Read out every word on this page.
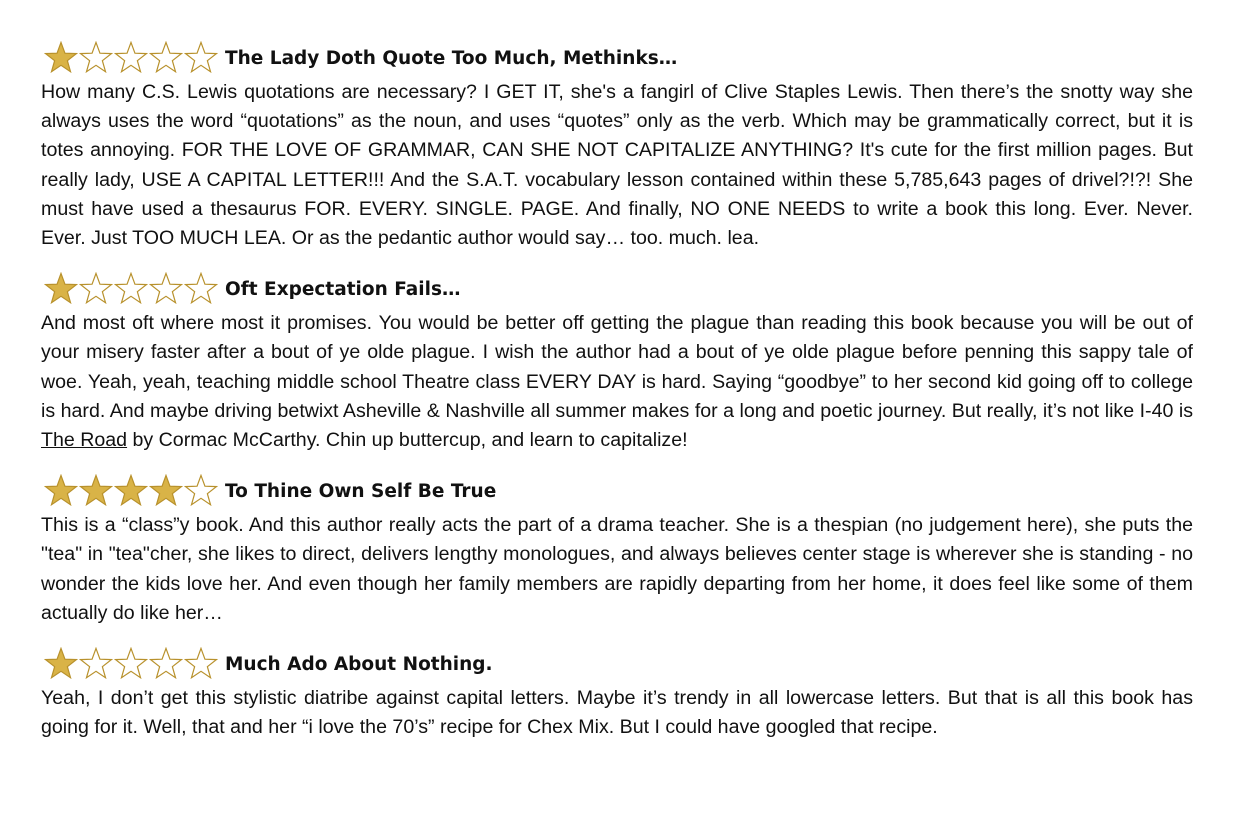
The Lady Doth Quote Too Much, Methinks…

How many C.S. Lewis quotations are necessary? I GET IT, she's a fangirl of Clive Staples Lewis. Then there’s the snotty way she always uses the word “quotations” as the noun, and uses “quotes” only as the verb. Which may be grammatically correct, but it is totes annoying. FOR THE LOVE OF GRAMMAR, CAN SHE NOT CAPITALIZE ANYTHING? It's cute for the first million pages. But really lady, USE A CAPITAL LETTER!!! And the S.A.T. vocabulary lesson contained within these 5,785,643 pages of drivel?!?! She must have used a thesaurus FOR. EVERY. SINGLE. PAGE. And finally, NO ONE NEEDS to write a book this long. Ever. Never. Ever. Just TOO MUCH LEA. Or as the pedantic author would say… too. much. lea.

Oft Expectation Fails…

And most oft where most it promises. You would be better off getting the plague than reading this book because you will be out of your misery faster after a bout of ye olde plague. I wish the author had a bout of ye olde plague before penning this sappy tale of woe. Yeah, yeah, teaching middle school Theatre class EVERY DAY is hard. Saying “goodbye” to her second kid going off to college is hard. And maybe driving betwixt Asheville & Nashville all summer makes for a long and poetic journey. But really, it’s not like I-40 is The Road by Cormac McCarthy. Chin up buttercup, and learn to capitalize!

To Thine Own Self Be True

This is a “class”y book. And this author really acts the part of a drama teacher. She is a thespian (no judgement here), she puts the "tea" in "tea"cher, she likes to direct, delivers lengthy monologues, and always believes center stage is wherever she is standing - no wonder the kids love her. And even though her family members are rapidly departing from her home, it does feel like some of them actually do like her…

Much Ado About Nothing.

Yeah, I don’t get this stylistic diatribe against capital letters. Maybe it’s trendy in all lowercase letters. But that is all this book has going for it. Well, that and her “i love the 70’s” recipe for Chex Mix. But I could have googled that recipe.
